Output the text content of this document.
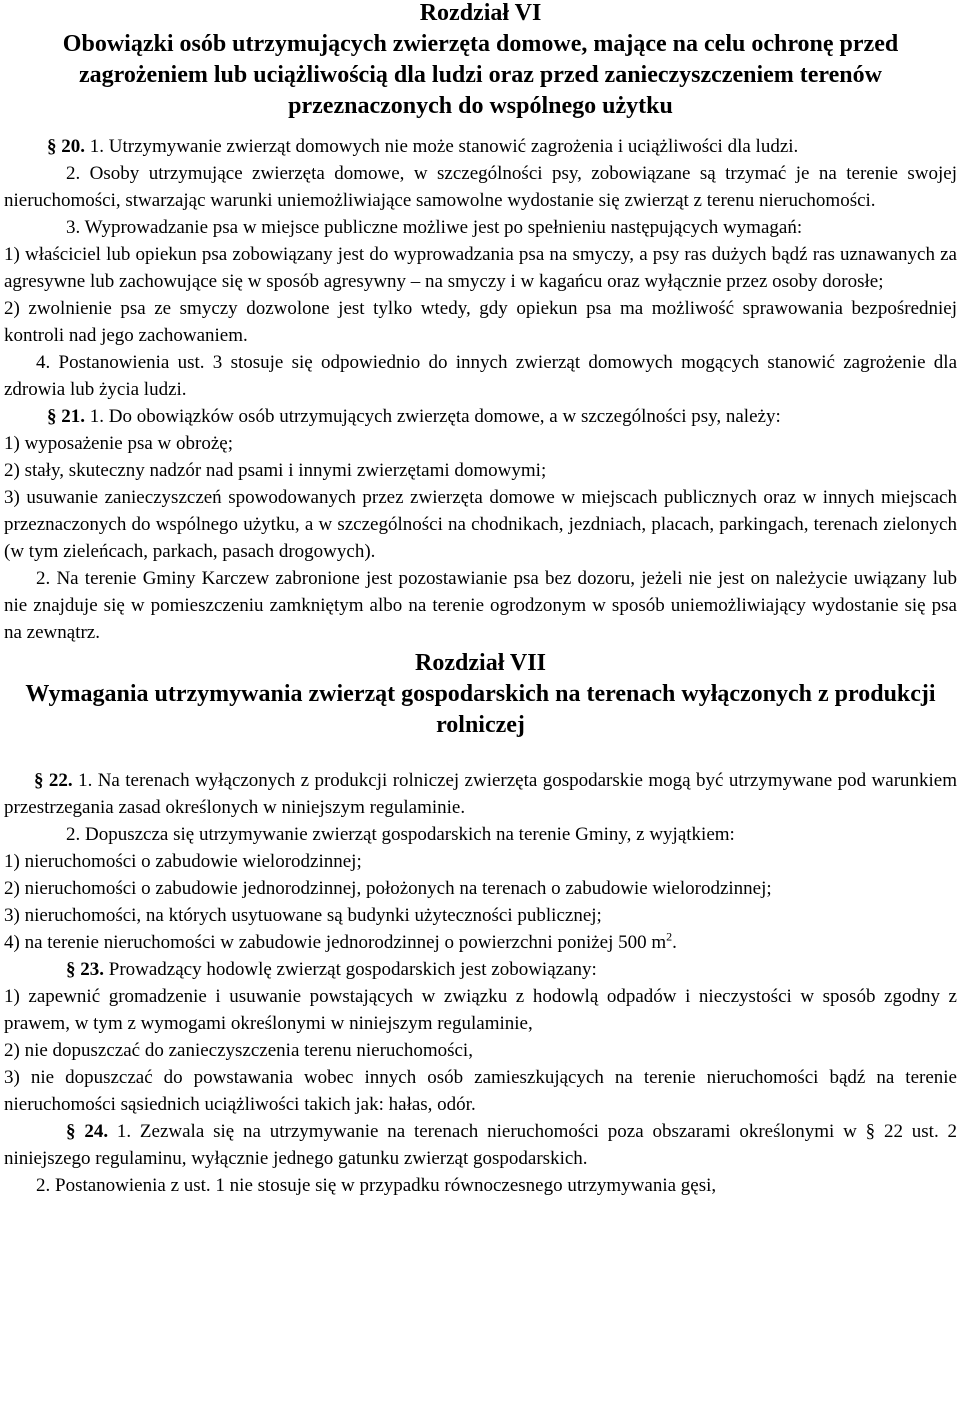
Rozdział VI
Obowiązki osób utrzymujących zwierzęta domowe, mające na celu ochronę przed zagrożeniem lub uciążliwością dla ludzi oraz przed zanieczyszczeniem terenów przeznaczonych do wspólnego użytku

§ 20. 1. Utrzymywanie zwierząt domowych nie może stanowić zagrożenia i uciążliwości dla ludzi.

2. Osoby utrzymujące zwierzęta domowe, w szczególności psy, zobowiązane są trzymać je na terenie swojej nieruchomości, stwarzając warunki uniemożliwiające samowolne wydostanie się zwierząt z terenu nieruchomości.

3. Wyprowadzanie psa w miejsce publiczne możliwe jest po spełnieniu następujących wymagań:

1) właściciel lub opiekun psa zobowiązany jest do wyprowadzania psa na smyczy, a psy ras dużych bądź ras uznawanych za agresywne lub zachowujące się w sposób agresywny – na smyczy i w kagańcu oraz wyłącznie przez osoby dorosłe;

2) zwolnienie psa ze smyczy dozwolone jest tylko wtedy, gdy opiekun psa ma możliwość sprawowania bezpośredniej kontroli nad jego zachowaniem.

4. Postanowienia ust. 3 stosuje się odpowiednio do innych zwierząt domowych mogących stanowić zagrożenie dla zdrowia lub życia ludzi.

§ 21. 1. Do obowiązków osób utrzymujących zwierzęta domowe, a w szczególności psy, należy:

1) wyposażenie psa w obrożę;

2) stały, skuteczny nadzór nad psami i innymi zwierzętami domowymi;

3) usuwanie zanieczyszczeń spowodowanych przez zwierzęta domowe w miejscach publicznych oraz w innych miejscach przeznaczonych do wspólnego użytku, a w szczególności na chodnikach, jezdniach, placach, parkingach, terenach zielonych (w tym zieleńcach, parkach, pasach drogowych).

2. Na terenie Gminy Karczew zabronione jest pozostawianie psa bez dozoru, jeżeli nie jest on należycie uwiązany lub nie znajduje się w pomieszczeniu zamkniętym albo na terenie ogrodzonym w sposób uniemożliwiający wydostanie się psa na zewnątrz.

Rozdział VII
Wymagania utrzymywania zwierząt gospodarskich na terenach wyłączonych z produkcji rolniczej

§ 22. 1. Na terenach wyłączonych z produkcji rolniczej zwierzęta gospodarskie mogą być utrzymywane pod warunkiem przestrzegania zasad określonych w niniejszym regulaminie.

2. Dopuszcza się utrzymywanie zwierząt gospodarskich na terenie Gminy, z wyjątkiem:

1) nieruchomości o zabudowie wielorodzinnej;

2) nieruchomości o zabudowie jednorodzinnej, położonych na terenach o zabudowie wielorodzinnej;

3) nieruchomości, na których usytuowane są budynki użyteczności publicznej;

4) na terenie nieruchomości w zabudowie jednorodzinnej o powierzchni poniżej 500 $m^2$.

§ 23. Prowadzący hodowlę zwierząt gospodarskich jest zobowiązany:

1) zapewnić gromadzenie i usuwanie powstających w związku z hodowlą odpadów i nieczystości w sposób zgodny z prawem, w tym z wymogami określonymi w niniejszym regulaminie,

2) nie dopuszczać do zanieczyszczenia terenu nieruchomości,

3) nie dopuszczać do powstawania wobec innych osób zamieszkujących na terenie nieruchomości bądź na terenie nieruchomości sąsiednich uciążliwości takich jak: hałas, odór.

§ 24. 1. Zezwala się na utrzymywanie na terenach nieruchomości poza obszarami określonymi w § 22 ust. 2 niniejszego regulaminu, wyłącznie jednego gatunku zwierząt gospodarskich.

2. Postanowienia z ust. 1 nie stosuje się w przypadku równoczesnego utrzymywania gęsi,
